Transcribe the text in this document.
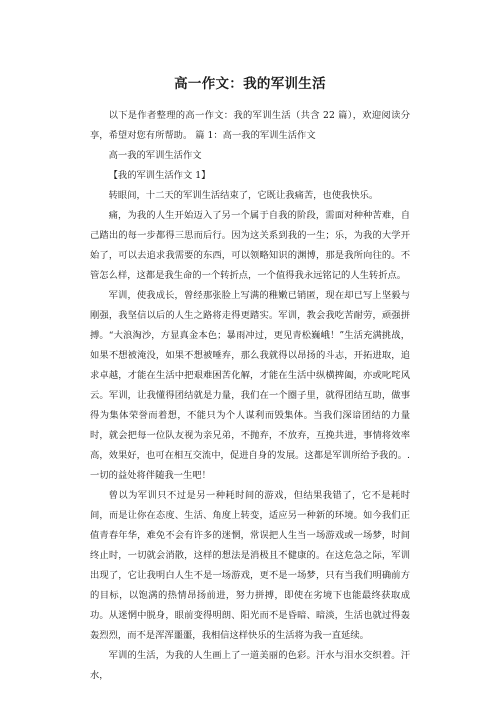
高一作文：我的军训生活

以下是作者整理的高一作文：我的军训生活（共含 22 篇），欢迎阅读分享，希望对您有所帮助。 篇 1：高一我的军训生活作文

高一我的军训生活作文

【我的军训生活作文 1】

转眼间，十二天的军训生活结束了，它既让我痛苦，也使我快乐。

痛，为我的人生开始迈入了另一个属于自我的阶段，需面对种种苦难，自己踏出的每一步都得三思而后行。因为这关系到我的一生；乐，为我的大学开始了，可以去追求我需要的东西，可以领略知识的渊博，那是我所向往的。不管怎么样，这都是我生命的一个转折点，一个值得我永远铭记的人生转折点。

军训，使我成长，曾经那张脸上写满的稚嫩已销匿，现在却已写上坚毅与刚强，我坚信以后的人生之路将走得更踏实。军训，教会我吃苦耐劳，顽强拼搏。“大浪淘沙，方显真金本色；暴雨冲过，更见青松巍峨！”生活充满挑战，如果不想被淹没，如果不想被唾弃，那么我就得以昂扬的斗志，开拓进取，追求卓越，才能在生活中把艰难困苦化解，才能在生活中纵横捭阖，亦或叱咤风云。军训，让我懂得团结就是力量，我们在一个圈子里，就得团结互助，做事得为集体荣誉而着想，不能只为个人谋利而毁集体。当我们深谙团结的力量时，就会把每一位队友视为亲兄弟，不抛弃，不放弃，互挽共进，事情将效率高，效果好，也可在相互交流中，促进自身的发展。这都是军训所给予我的。. 一切的益处将伴随我一生吧！

曾以为军训只不过是另一种耗时间的游戏，但结果我错了，它不是耗时间，而是让你在态度、生活、角度上转变，适应另一种新的环境。如今我们正值青春年华，难免不会有许多的迷惘，常误把人生当一场游戏或一场梦，时间终止时，一切就会消散，这样的想法是消极且不健康的。在这危急之际，军训出现了，它让我明白人生不是一场游戏，更不是一场梦，只有当我们明确前方的目标，以饱满的热情昂扬前进，努力拼搏，即使在劣境下也能最终获取成功。从迷惘中脱身，眼前变得明朗、阳光而不是昏暗、暗淡，生活也就过得轰轰烈烈，而不是浑浑噩噩，我相信这样快乐的生活将为我一直延续。

军训的生活，为我的人生画上了一道美丽的色彩。汗水与泪水交织着。汗水，
